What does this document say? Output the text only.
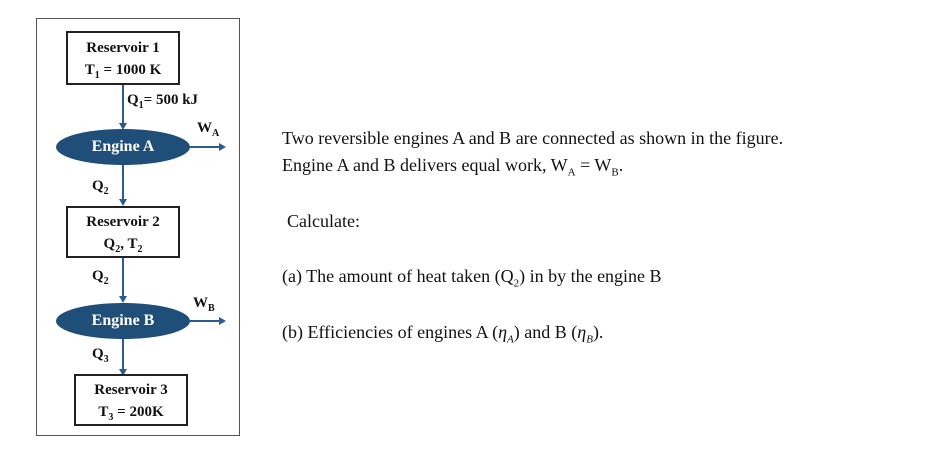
Reservoir 1
$T_1 = 1000$ K
$Q_1= 500$ kJ
Engine A
$W_A$
$Q_2$
Reservoir 2
$Q_2$, $T_2$
$Q_2$
Engine B
$W_B$
$Q_3$
Reservoir 3
$T_3 = 200K$
Two reversible engines A and B are connected as shown in the figure.
Engine A and B delivers equal work, $W_A = W_B$.
Calculate:
(a) The amount of heat taken $(Q_2)$ in by the engine B
(b) Efficiencies of engines A $(\eta_A)$ and B $(\eta_B)$.
